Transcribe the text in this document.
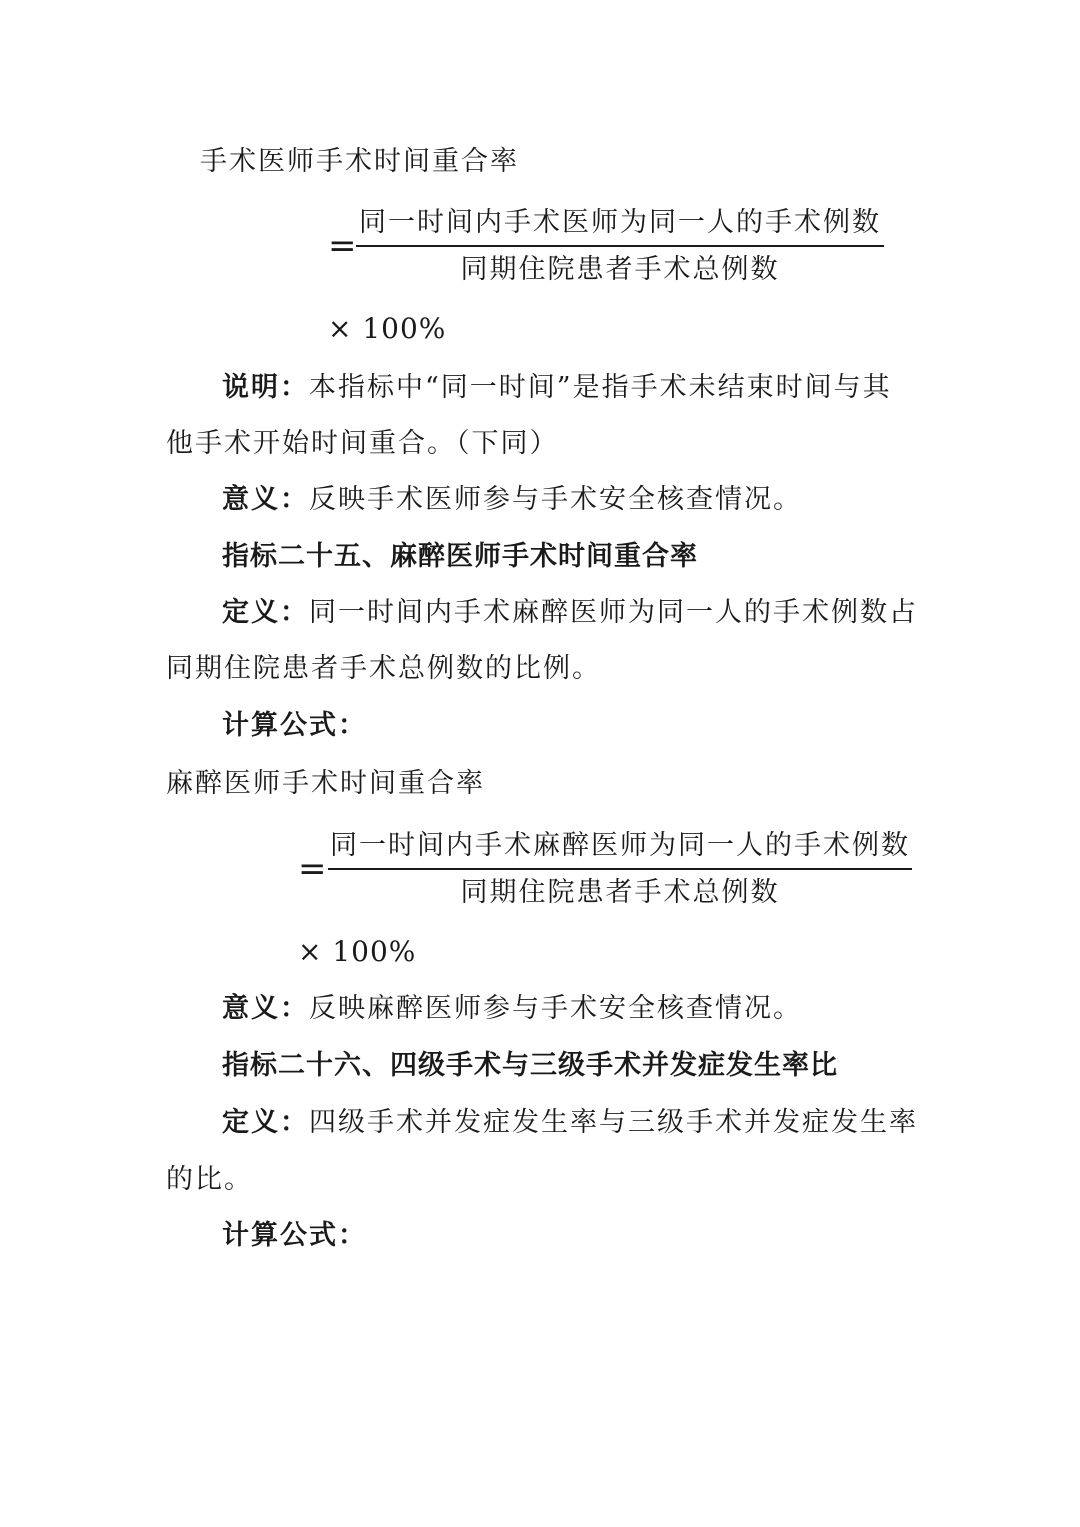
手术医师手术时间重合率
=
同一时间内手术医师为同一人的手术例数
同期住院患者手术总例数
× 100%
说明：本指标中“同一时间”是指手术未结束时间与其
他手术开始时间重合。（下同）
意义：反映手术医师参与手术安全核查情况。
指标二十五、麻醉医师手术时间重合率
定义：同一时间内手术麻醉医师为同一人的手术例数占
同期住院患者手术总例数的比例。
计算公式：
麻醉医师手术时间重合率
=
同一时间内手术麻醉医师为同一人的手术例数
同期住院患者手术总例数
× 100%
意义：反映麻醉医师参与手术安全核查情况。
指标二十六、四级手术与三级手术并发症发生率比
定义：四级手术并发症发生率与三级手术并发症发生率
的比。
计算公式：
